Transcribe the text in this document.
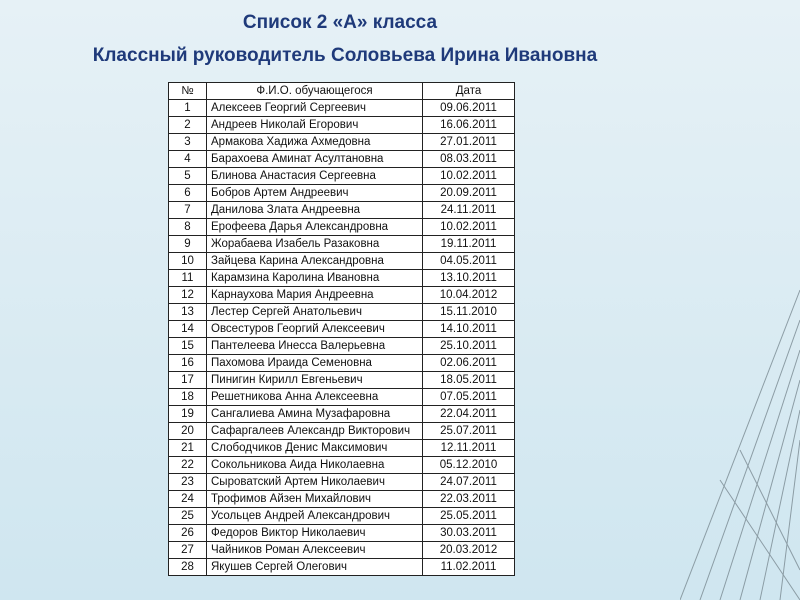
Список 2 «А» класса
Классный руководитель Соловьева Ирина Ивановна
№	Ф.И.О. обучающегося	Дата
1	Алексеев Георгий Сергеевич	09.06.2011
2	Андреев Николай Егорович	16.06.2011
3	Армакова Хадижа Ахмедовна	27.01.2011
4	Барахоева Аминат Асултановна	08.03.2011
5	Блинова Анастасия Сергеевна	10.02.2011
6	Бобров Артем Андреевич	20.09.2011
7	Данилова Злата Андреевна	24.11.2011
8	Ерофеева Дарья Александровна	10.02.2011
9	Жорабаева Изабель Разаковна	19.11.2011
10	Зайцева Карина Александровна	04.05.2011
11	Карамзина Каролина Ивановна	13.10.2011
12	Карнаухова Мария Андреевна	10.04.2012
13	Лестер Сергей Анатольевич	15.11.2010
14	Овсестуров Георгий Алексеевич	14.10.2011
15	Пантелеева Инесса Валерьевна	25.10.2011
16	Пахомова Ираида Семеновна	02.06.2011
17	Пинигин Кирилл Евгеньевич	18.05.2011
18	Решетникова Анна Алексеевна	07.05.2011
19	Сангалиева Амина Музафаровна	22.04.2011
20	Сафаргалеев Александр Викторович	25.07.2011
21	Слободчиков Денис Максимович	12.11.2011
22	Сокольникова Аида Николаевна	05.12.2010
23	Сыроватский Артем Николаевич	24.07.2011
24	Трофимов Айзен Михайлович	22.03.2011
25	Усольцев Андрей Александрович	25.05.2011
26	Федоров Виктор Николаевич	30.03.2011
27	Чайников Роман Алексеевич	20.03.2012
28	Якушев Сергей Олегович	11.02.2011
